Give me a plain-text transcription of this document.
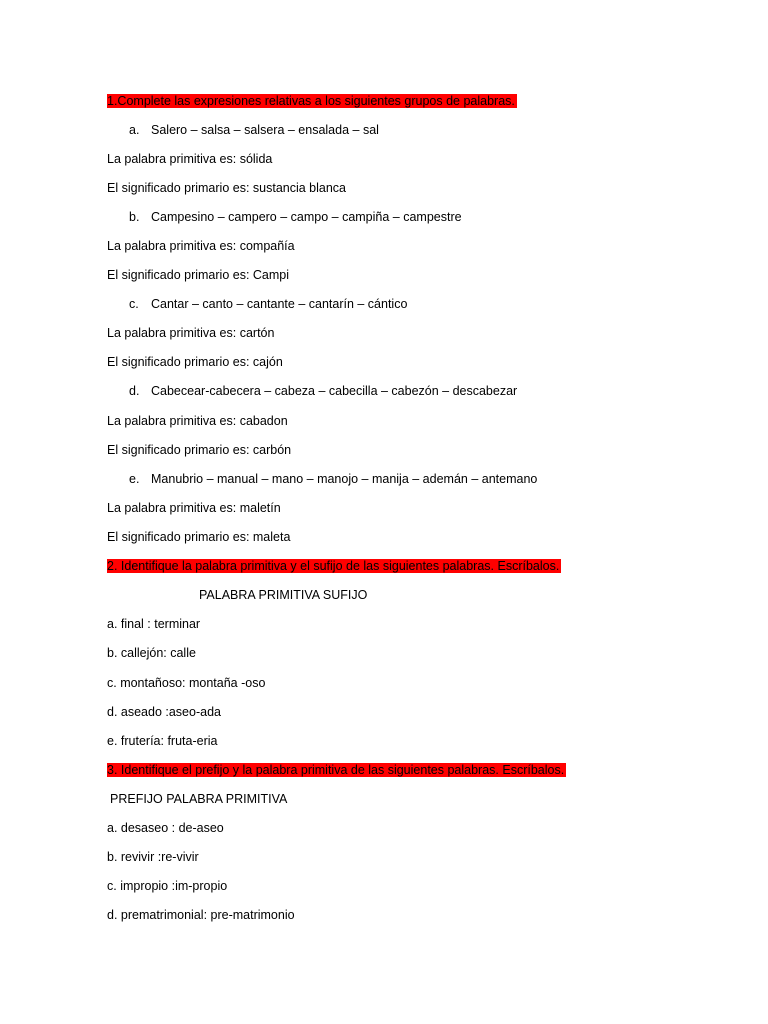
1.Complete las expresiones relativas a los siguientes grupos de palabras.
a. Salero – salsa – salsera – ensalada – sal
La palabra primitiva es: sólida
El significado primario es: sustancia blanca
b. Campesino – campero – campo – campiña – campestre
La palabra primitiva es: compañía
El significado primario es: Campi
c. Cantar – canto – cantante – cantarín – cántico
La palabra primitiva es: cartón
El significado primario es: cajón
d. Cabecear-cabecera – cabeza – cabecilla – cabezón – descabezar
La palabra primitiva es: cabadon
El significado primario es: carbón
e. Manubrio – manual – mano – manojo – manija – ademán – antemano
La palabra primitiva es: maletín
El significado primario es: maleta
2. Identifique la palabra primitiva y el sufijo de las siguientes palabras. Escríbalos.
PALABRA PRIMITIVA SUFIJO
a. final : terminar
b. callejón: calle
c. montañoso: montaña -oso
d. aseado :aseo-ada
e. frutería: fruta-eria
3. Identifique el prefijo y la palabra primitiva de las siguientes palabras. Escríbalos.
PREFIJO PALABRA PRIMITIVA
a. desaseo : de-aseo
b. revivir :re-vivir
c. impropio :im-propio
d. prematrimonial: pre-matrimonio
